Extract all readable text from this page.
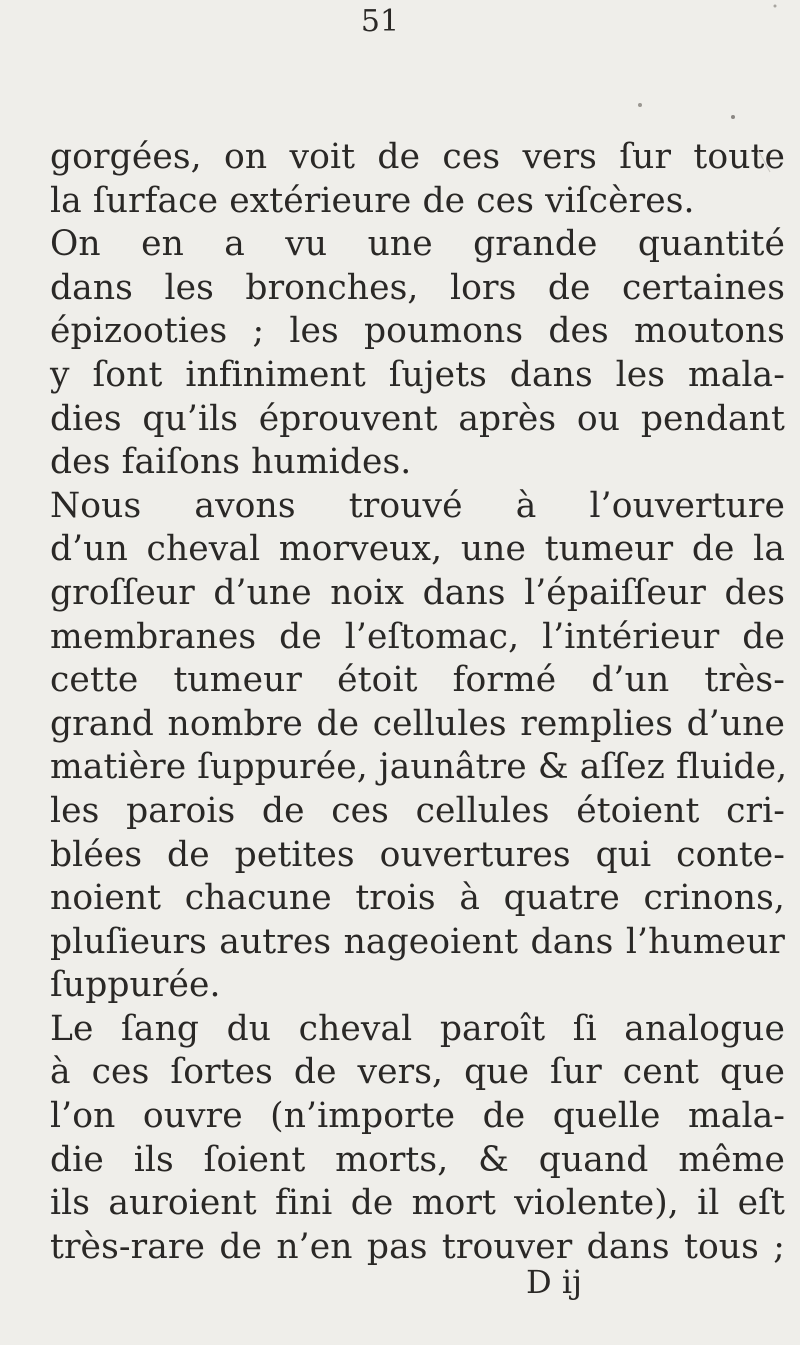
51
gorgées, on voit de ces vers ſur toute
la ſurface extérieure de ces viſcères.
On en a vu une grande quantité
dans les bronches, lors de certaines
épizooties ; les poumons des moutons
y ſont infiniment ſujets dans les mala-
dies qu’ils éprouvent après ou pendant
des faiſons humides.
Nous avons trouvé à l’ouverture
d’un cheval morveux, une tumeur de la
groſſeur d’une noix dans l’épaiſſeur des
membranes de l’eſtomac, l’intérieur de
cette tumeur étoit formé d’un très-
grand nombre de cellules remplies d’une
matière ſuppurée, jaunâtre & aſſez fluide,
les parois de ces cellules étoient cri-
blées de petites ouvertures qui conte-
noient chacune trois à quatre crinons,
pluſieurs autres nageoient dans l’humeur
ſuppurée.
Le ſang du cheval paroît ſi analogue
à ces ſortes de vers, que ſur cent que
l’on ouvre (n’importe de quelle mala-
die ils ſoient morts, & quand même
ils auroient fini de mort violente), il eſt
très-rare de n’en pas trouver dans tous ;
D ij
